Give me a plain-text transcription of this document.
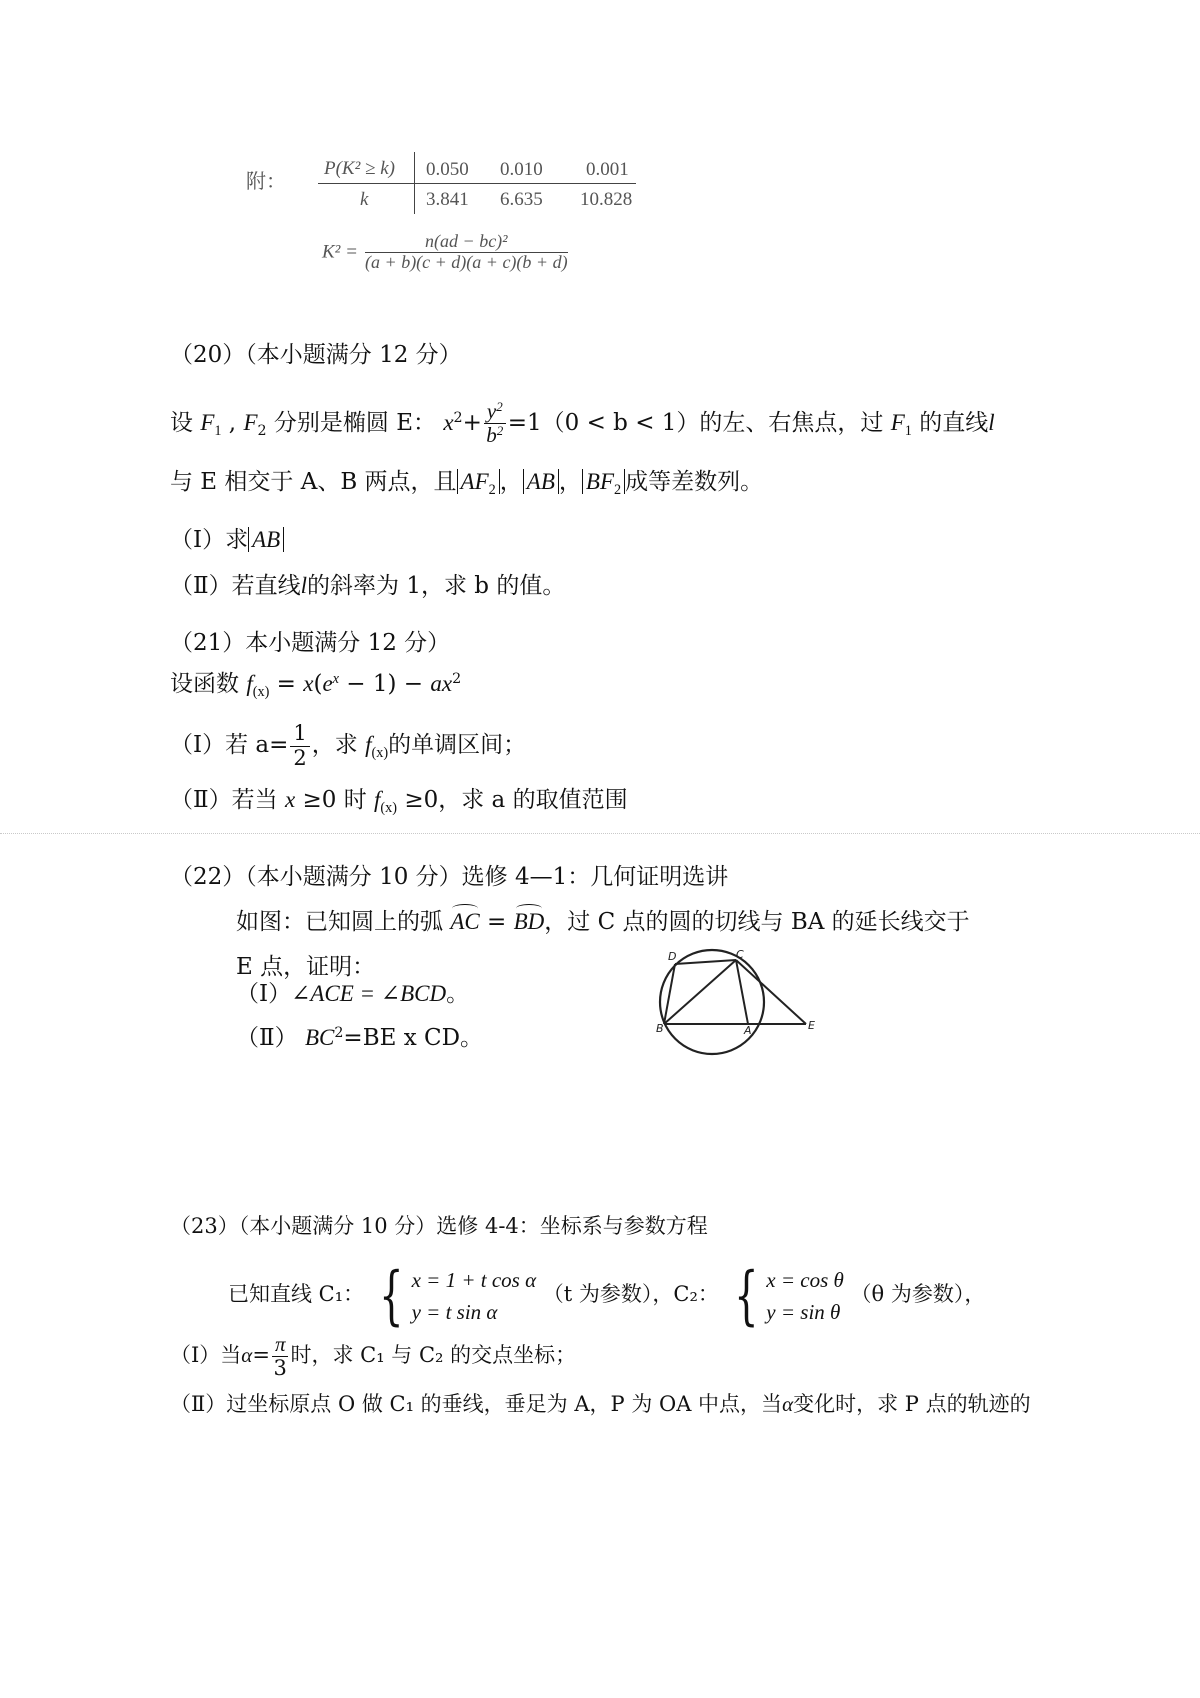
附：
P(K² ≥ k) 0.050 0.010 0.001
k	3.841 6.635 10.828
$K^2 = \frac{\text{n(ad − bc)²}}{(a + b)(c + d)(a + c)(b + d)}$
（20）（本小题满分 12 分）
设 $F_1$ , $F_2$ 分别是椭圆 E： $x^2+ \frac{y^2}{b^2} =1(0 < b < 1)$的左、右焦点，过 $F_1$ 的直线l
与 E 相交于 A、B 两点，且 $AF_2$ ， AB ， $BF_2$ 成等差数列。
（Ⅰ）求 AB
（Ⅱ）若直线l的斜率为 1，求 b 的值。
（21）本小题满分 12 分）
设函数 $f_{(x)} = x(e^x - 1) - ax^2$
（Ⅰ）若 $a= \frac{1}{2}$ ，求 $f_{(x)}$的单调区间；
（Ⅱ）若当 x ≥0 时 $f_{(x)} \ge 0$，求 a 的取值范围
（22）（本小题满分 10 分）选修 4—1：几何证明选讲
如图：已知圆上的弧 AC = BD，过 C 点的圆的切线与 BA 的延长线交于
E 点，证明：
（Ⅰ）∠ACE = ∠BCD。
（Ⅱ） $BC^2=BE$ x CD。
D	C
B	A	E
（23）（本小题满分 10 分）选修 4-4：坐标系与参数方程
已知直线 C₁： { x = 1 + t cos α
y = t sin α
（t 为参数），C₂： { x = cos θ
y = sin θ
（θ 为参数），
（Ⅰ）当$\alpha= \frac{\pi}{3}$ 时，求 C₁ 与 C₂ 的交点坐标；
（Ⅱ）过坐标原点 O 做 C₁ 的垂线，垂足为 A，P 为 OA 中点，当α变化时，求 P 点的轨迹的
